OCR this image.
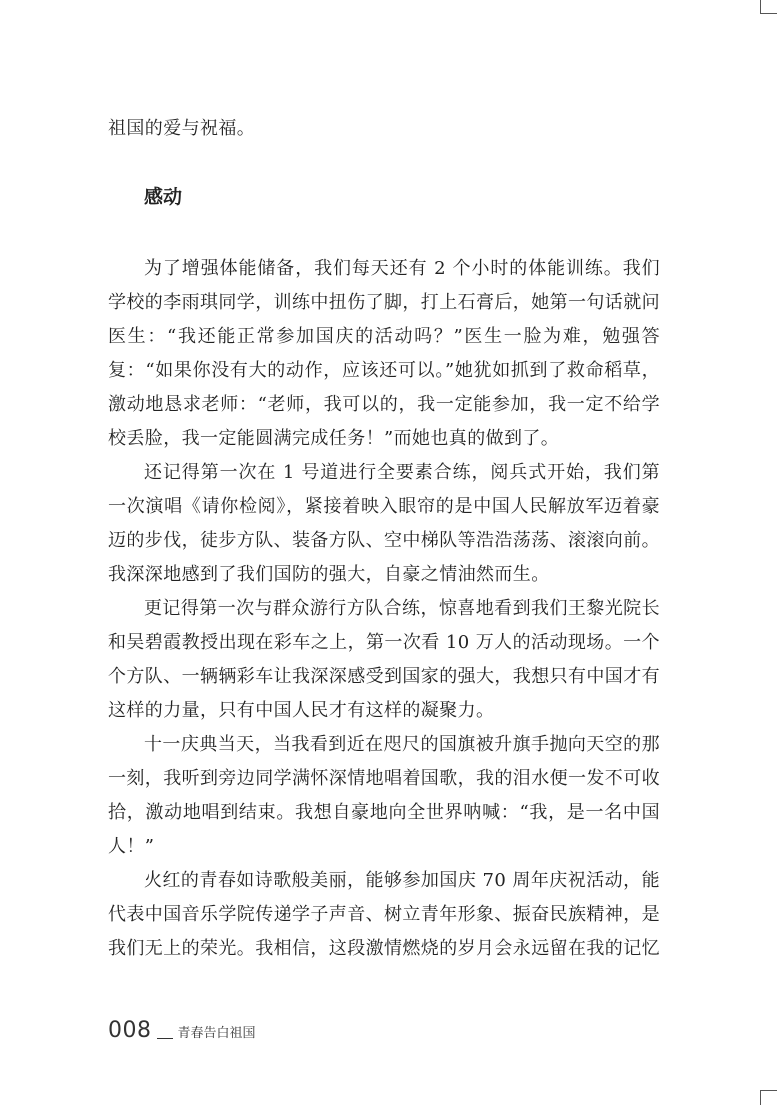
祖国的爱与祝福。

感动

为了增强体能储备，我们每天还有 2 个小时的体能训练。我们学校的李雨琪同学，训练中扭伤了脚，打上石膏后，她第一句话就问医生：“我还能正常参加国庆的活动吗？”医生一脸为难，勉强答复：“如果你没有大的动作，应该还可以。”她犹如抓到了救命稻草，激动地恳求老师：“老师，我可以的，我一定能参加，我一定不给学校丢脸，我一定能圆满完成任务！”而她也真的做到了。

还记得第一次在 1 号道进行全要素合练，阅兵式开始，我们第一次演唱《请你检阅》，紧接着映入眼帘的是中国人民解放军迈着豪迈的步伐，徒步方队、装备方队、空中梯队等浩浩荡荡、滚滚向前。我深深地感到了我们国防的强大，自豪之情油然而生。

更记得第一次与群众游行方队合练，惊喜地看到我们王黎光院长和吴碧霞教授出现在彩车之上，第一次看 10 万人的活动现场。一个个方队、一辆辆彩车让我深深感受到国家的强大，我想只有中国才有这样的力量，只有中国人民才有这样的凝聚力。

十一庆典当天，当我看到近在咫尺的国旗被升旗手抛向天空的那一刻，我听到旁边同学满怀深情地唱着国歌，我的泪水便一发不可收拾，激动地唱到结束。我想自豪地向全世界呐喊：“我，是一名中国人！”

火红的青春如诗歌般美丽，能够参加国庆 70 周年庆祝活动，能代表中国音乐学院传递学子声音、树立青年形象、振奋民族精神，是我们无上的荣光。我相信，这段激情燃烧的岁月会永远留在我的记忆

008 青春告白祖国
